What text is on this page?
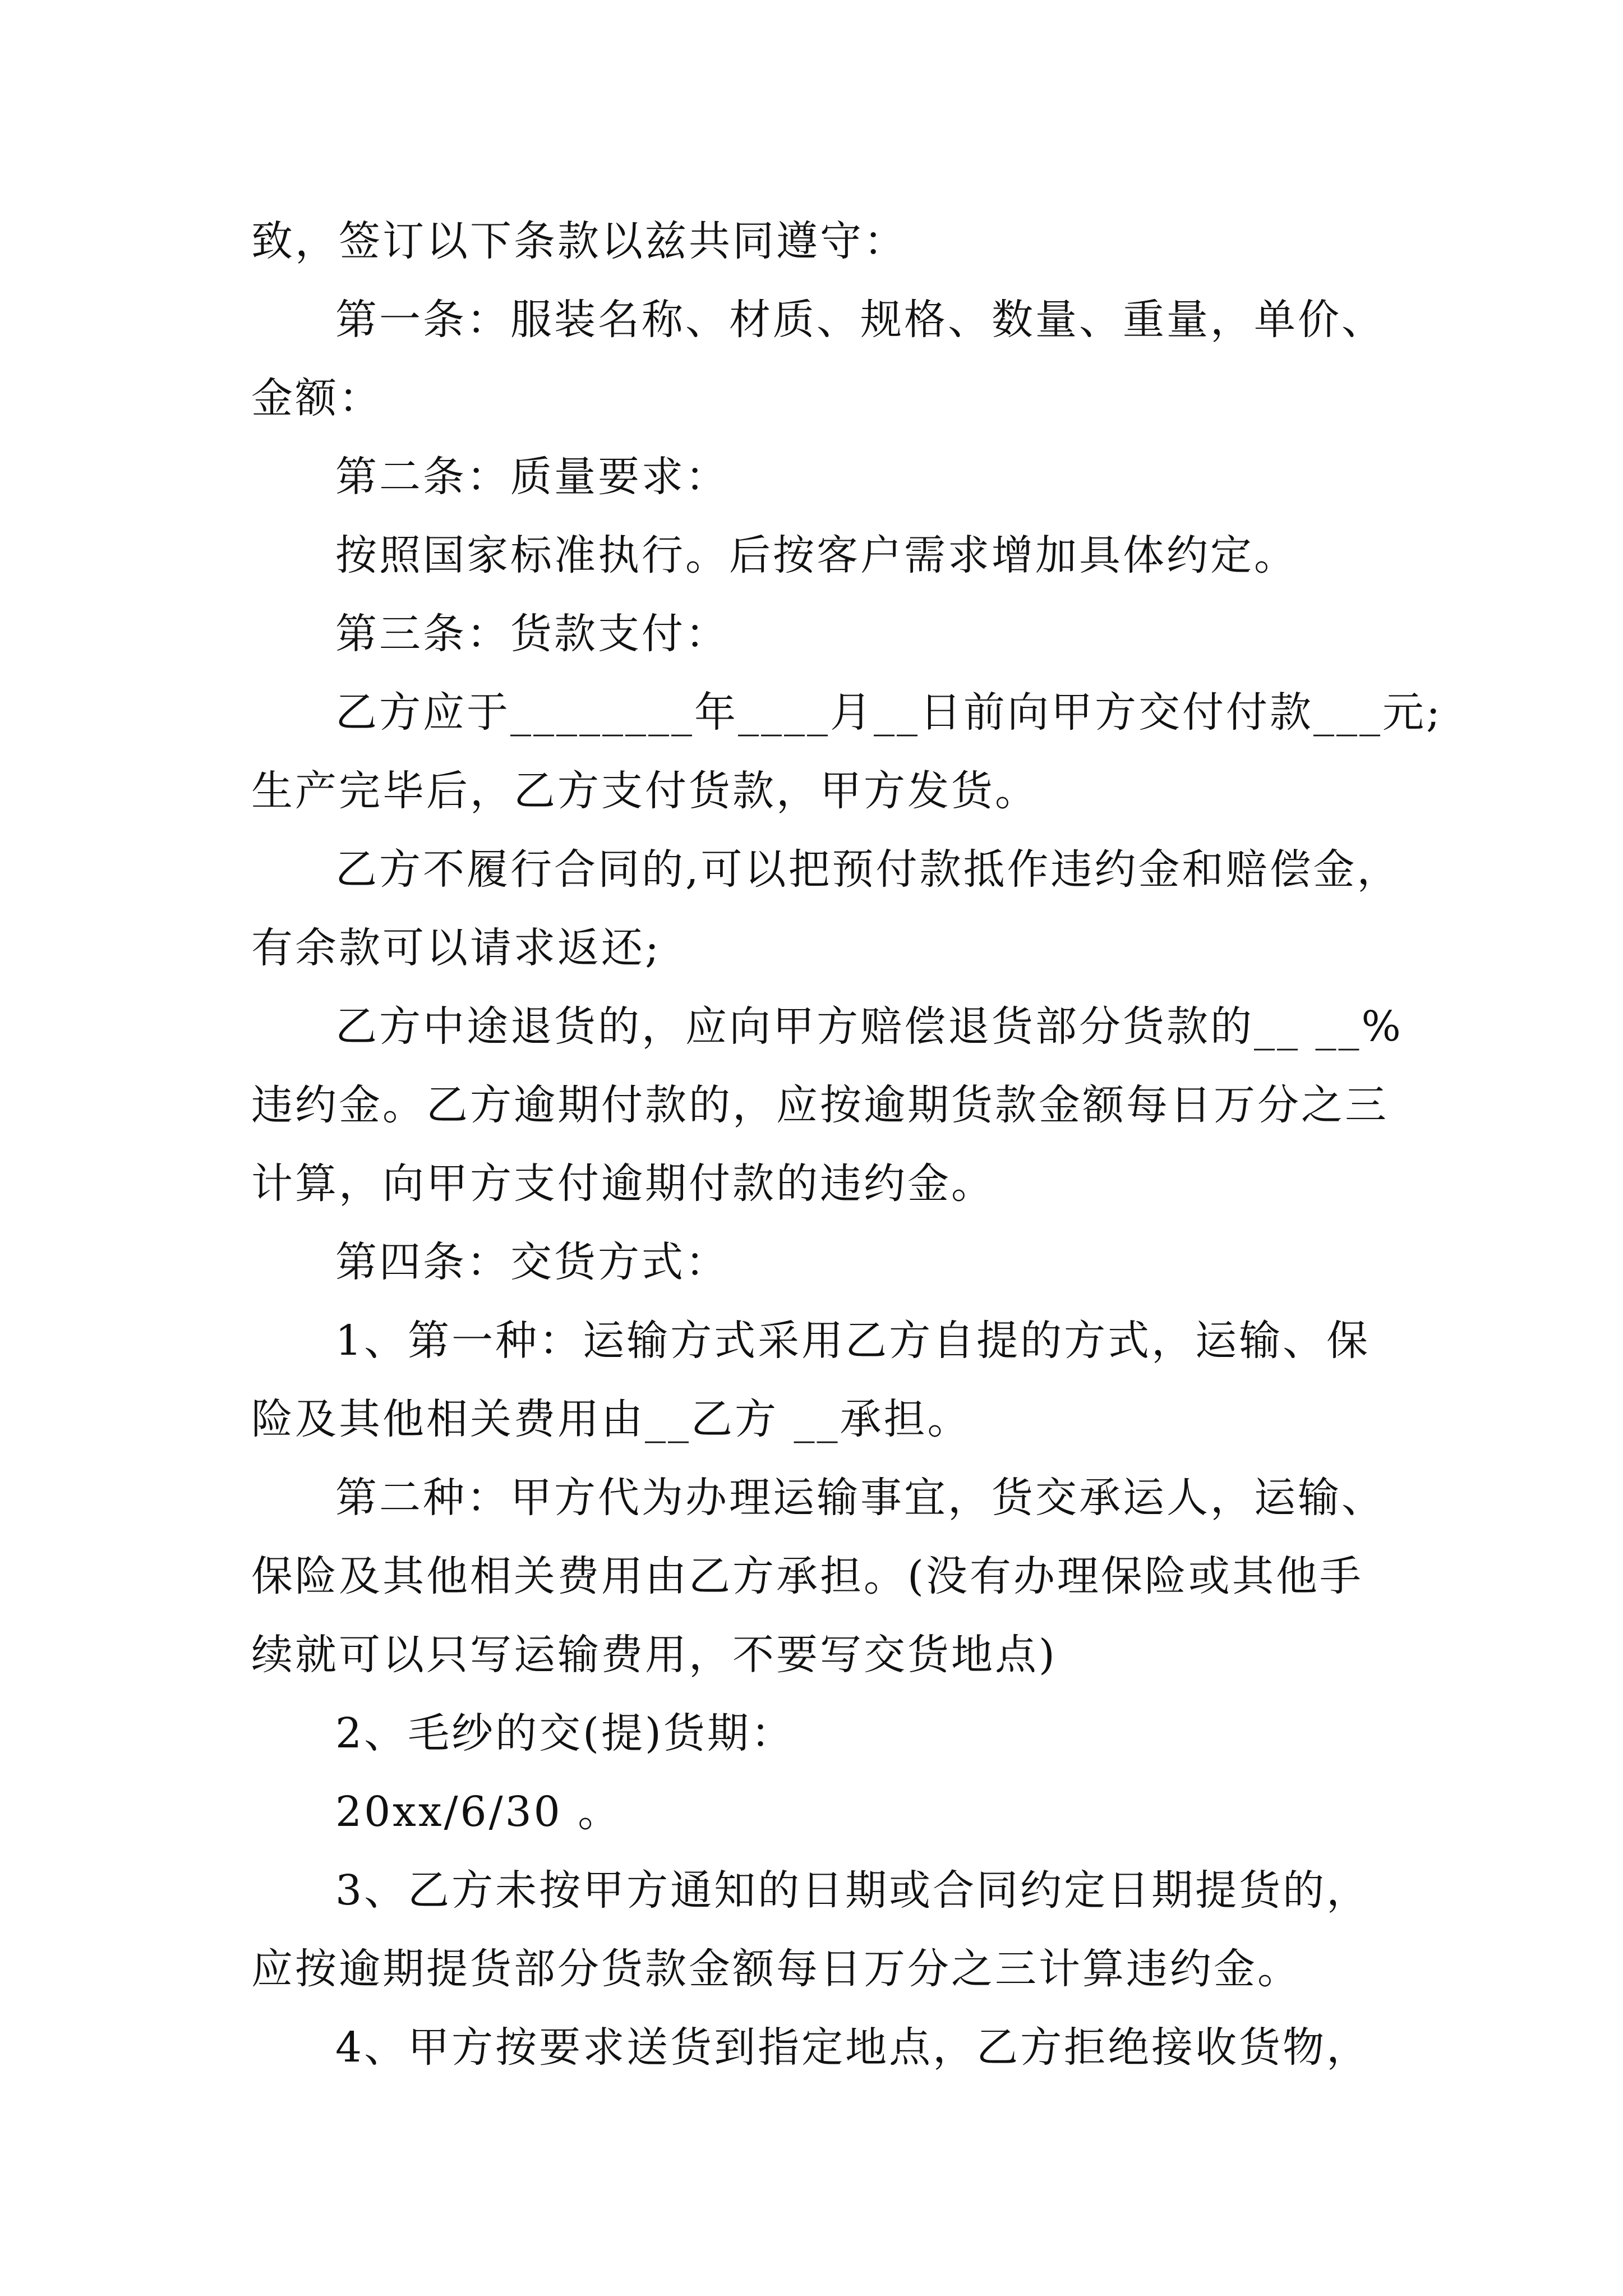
致，签订以下条款以兹共同遵守：
第一条：服装名称、材质、规格、数量、重量，单价、
金额：
第二条：质量要求：
按照国家标准执行。后按客户需求增加具体约定。
第三条：货款支付：
乙方应于________年____月__日前向甲方交付付款___元;
生产完毕后，乙方支付货款，甲方发货。
乙方不履行合同的,可以把预付款抵作违约金和赔偿金，
有余款可以请求返还;
乙方中途退货的，应向甲方赔偿退货部分货款的__ __%
违约金。乙方逾期付款的，应按逾期货款金额每日万分之三
计算，向甲方支付逾期付款的违约金。
第四条：交货方式：
1、第一种：运输方式采用乙方自提的方式，运输、保
险及其他相关费用由__乙方 __承担。
第二种：甲方代为办理运输事宜，货交承运人，运输、
保险及其他相关费用由乙方承担。(没有办理保险或其他手
续就可以只写运输费用，不要写交货地点)
2、毛纱的交(提)货期：
20xx/6/30 。
3、乙方未按甲方通知的日期或合同约定日期提货的，
应按逾期提货部分货款金额每日万分之三计算违约金。
4、甲方按要求送货到指定地点，乙方拒绝接收货物，
